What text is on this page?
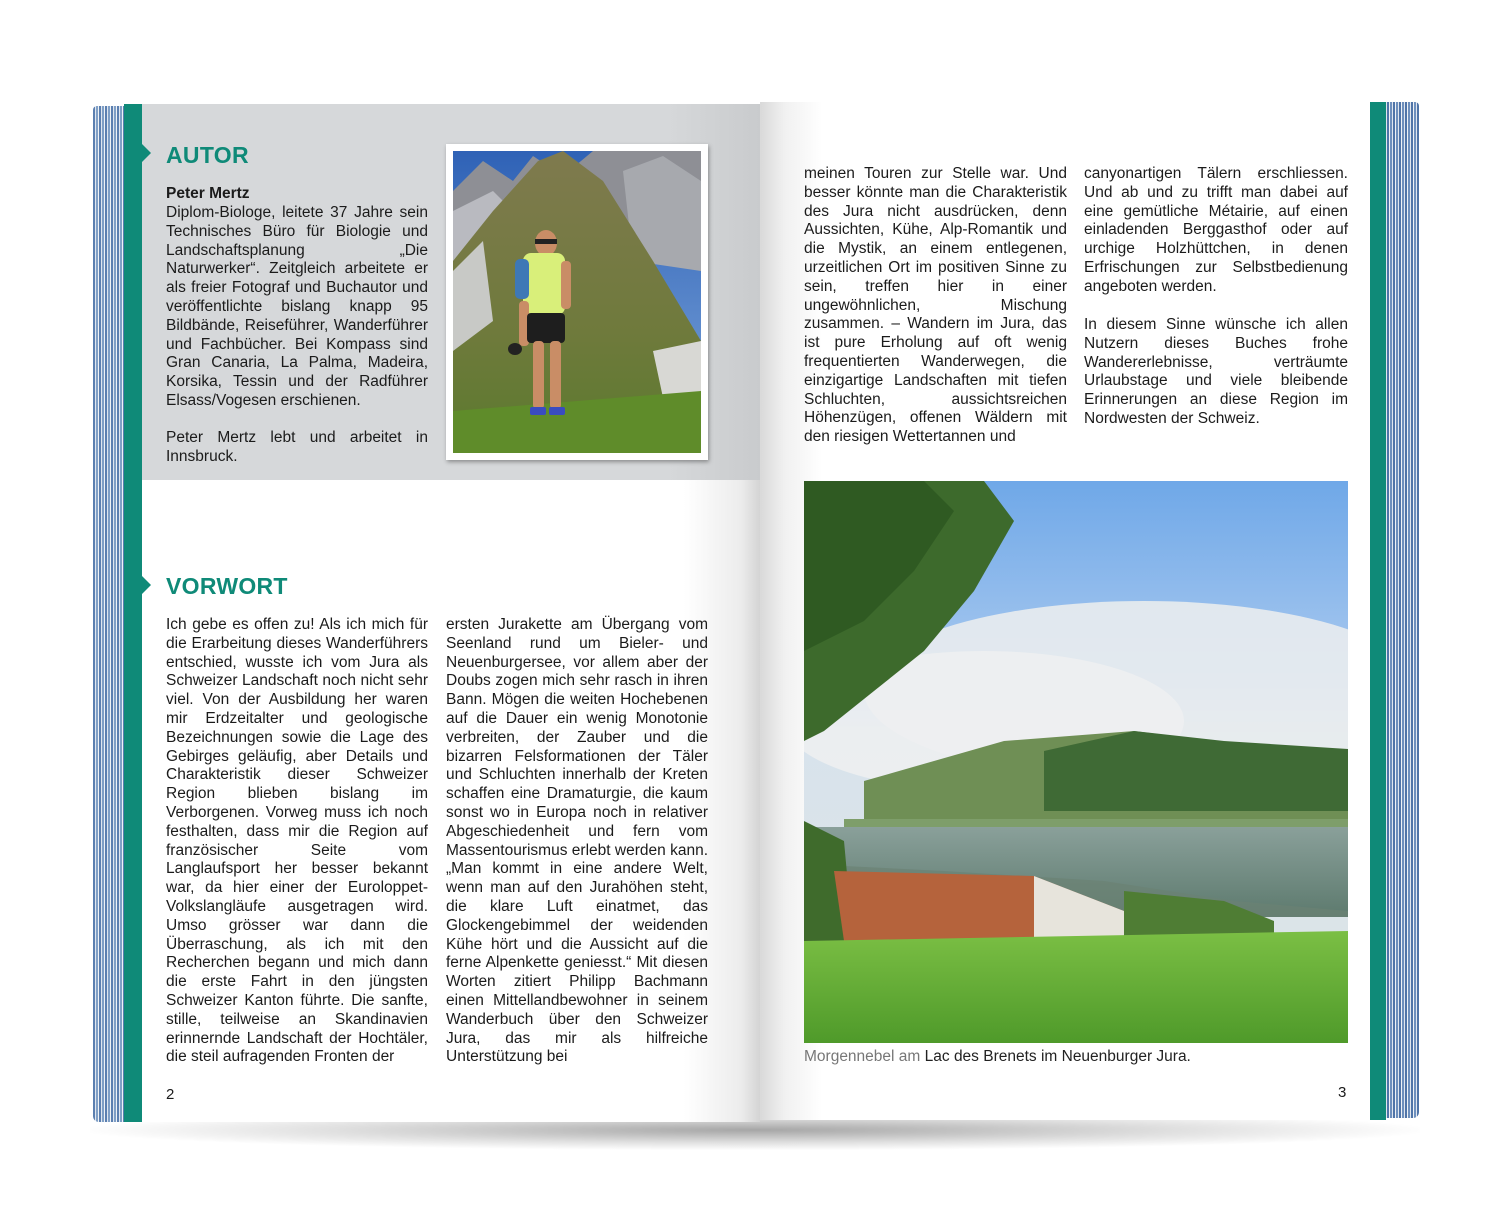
AUTOR
Peter Mertz

Diplom-Biologe, leitete 37 Jahre sein Technisches Büro für Biologie und Landschaftsplanung „Die Naturwerker“. Zeitgleich arbeitete er als freier Fotograf und Buchautor und veröffentlichte bislang knapp 95 Bildbände, Reiseführer, Wanderführer und Fachbücher. Bei Kompass sind Gran Canaria, La Palma, Madeira, Korsika, Tessin und der Radführer Elsass/Vogesen erschienen.

Peter Mertz lebt und arbeitet in Innsbruck.

VORWORT

Ich gebe es offen zu! Als ich mich für die Erarbeitung dieses Wanderführers entschied, wusste ich vom Jura als Schweizer Landschaft noch nicht sehr viel. Von der Ausbildung her waren mir Erdzeitalter und geologische Bezeichnungen sowie die Lage des Gebirges geläufig, aber Details und Charakteristik dieser Schweizer Region blieben bislang im Verborgenen. Vorweg muss ich noch festhalten, dass mir die Region auf französischer Seite vom Langlaufsport her besser bekannt war, da hier einer der Euroloppet-Volkslangläufe ausgetragen wird. Umso grösser war dann die Überraschung, als ich mit den Recherchen begann und mich dann die erste Fahrt in den jüngsten Schweizer Kanton führte. Die sanfte, stille, teilweise an Skandinavien erinnernde Landschaft der Hochtäler, die steil aufragenden Fronten der

ersten Jurakette am Übergang vom Seenland rund um Bieler- und Neuenburgersee, vor allem aber der Doubs zogen mich sehr rasch in ihren Bann. Mögen die weiten Hochebenen auf die Dauer ein wenig Monotonie verbreiten, der Zauber und die bizarren Felsformationen der Täler und Schluchten innerhalb der Kreten schaffen eine Dramaturgie, die kaum sonst wo in Europa noch in relativer Abgeschiedenheit und fern vom Massentourismus erlebt werden kann. „Man kommt in eine andere Welt, wenn man auf den Jurahöhen steht, die klare Luft einatmet, das Glockengebimmel der weidenden Kühe hört und die Aussicht auf die ferne Alpenkette geniesst.“ Mit diesen Worten zitiert Philipp Bachmann einen Mittellandbewohner in seinem Wanderbuch über den Schweizer Jura, das mir als hilfreiche Unterstützung bei

2

meinen Touren zur Stelle war. Und besser könnte man die Charakteristik des Jura nicht ausdrücken, denn Aussichten, Kühe, Alp-Romantik und die Mystik, an einem entlegenen, urzeitlichen Ort im positiven Sinne zu sein, treffen hier in einer ungewöhnlichen, Mischung zusammen. – Wandern im Jura, das ist pure Erholung auf oft wenig frequentierten Wanderwegen, die einzigartige Landschaften mit tiefen Schluchten, aussichtsreichen Höhenzügen, offenen Wäldern mit den riesigen Wettertannen und

canyonartigen Tälern erschliessen. Und ab und zu trifft man dabei auf eine gemütliche Métairie, auf einen einladenden Berggasthof oder auf urchige Holzhüttchen, in denen Erfrischungen zur Selbstbedienung angeboten werden.

In diesem Sinne wünsche ich allen Nutzern dieses Buches frohe Wandererlebnisse, verträumte Urlaubstage und viele bleibende Erinnerungen an diese Region im Nordwesten der Schweiz.

Morgennebel am Lac des Brenets im Neuenburger Jura.
3
